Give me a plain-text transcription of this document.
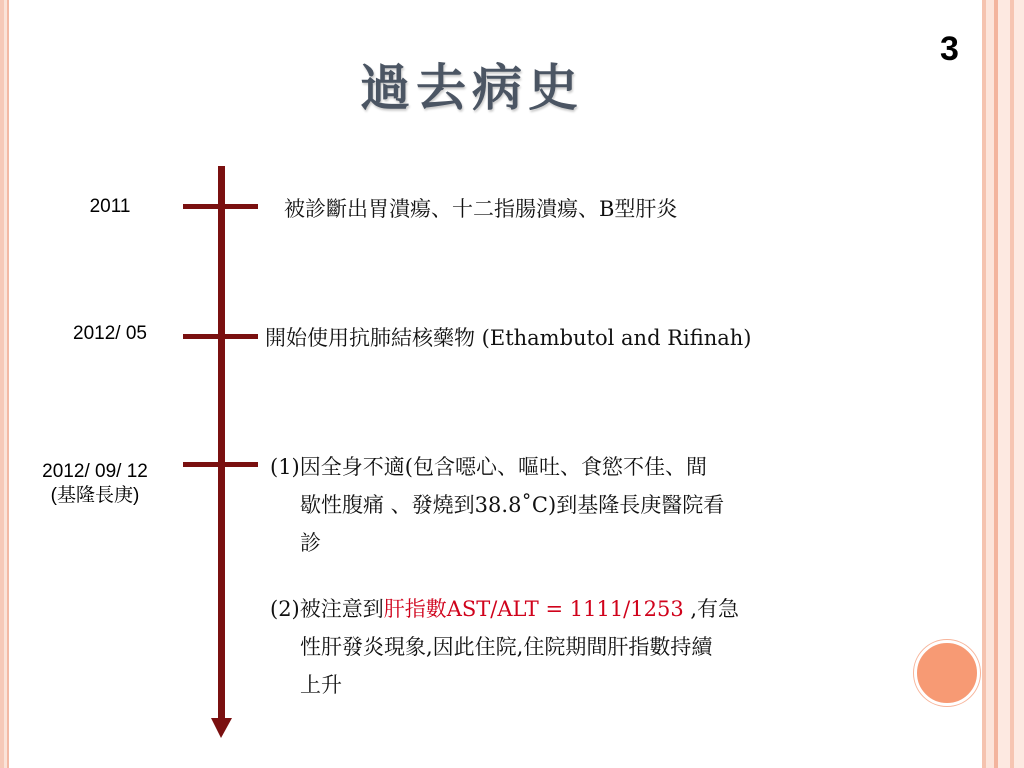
3
過去病史
2011
2012/ 05
2012/ 09/ 12
(基隆長庚)
被診斷出胃潰瘍、十二指腸潰瘍、B型肝炎
開始使用抗肺結核藥物 (Ethambutol and Rifinah)
(1)因全身不適(包含噁心、嘔吐、食慾不佳、間
歇性腹痛 、發燒到38.8˚C)到基隆長庚醫院看
診
(2)被注意到肝指數AST/ALT = 1111/1253 ,有急
性肝發炎現象,因此住院,住院期間肝指數持續
上升
